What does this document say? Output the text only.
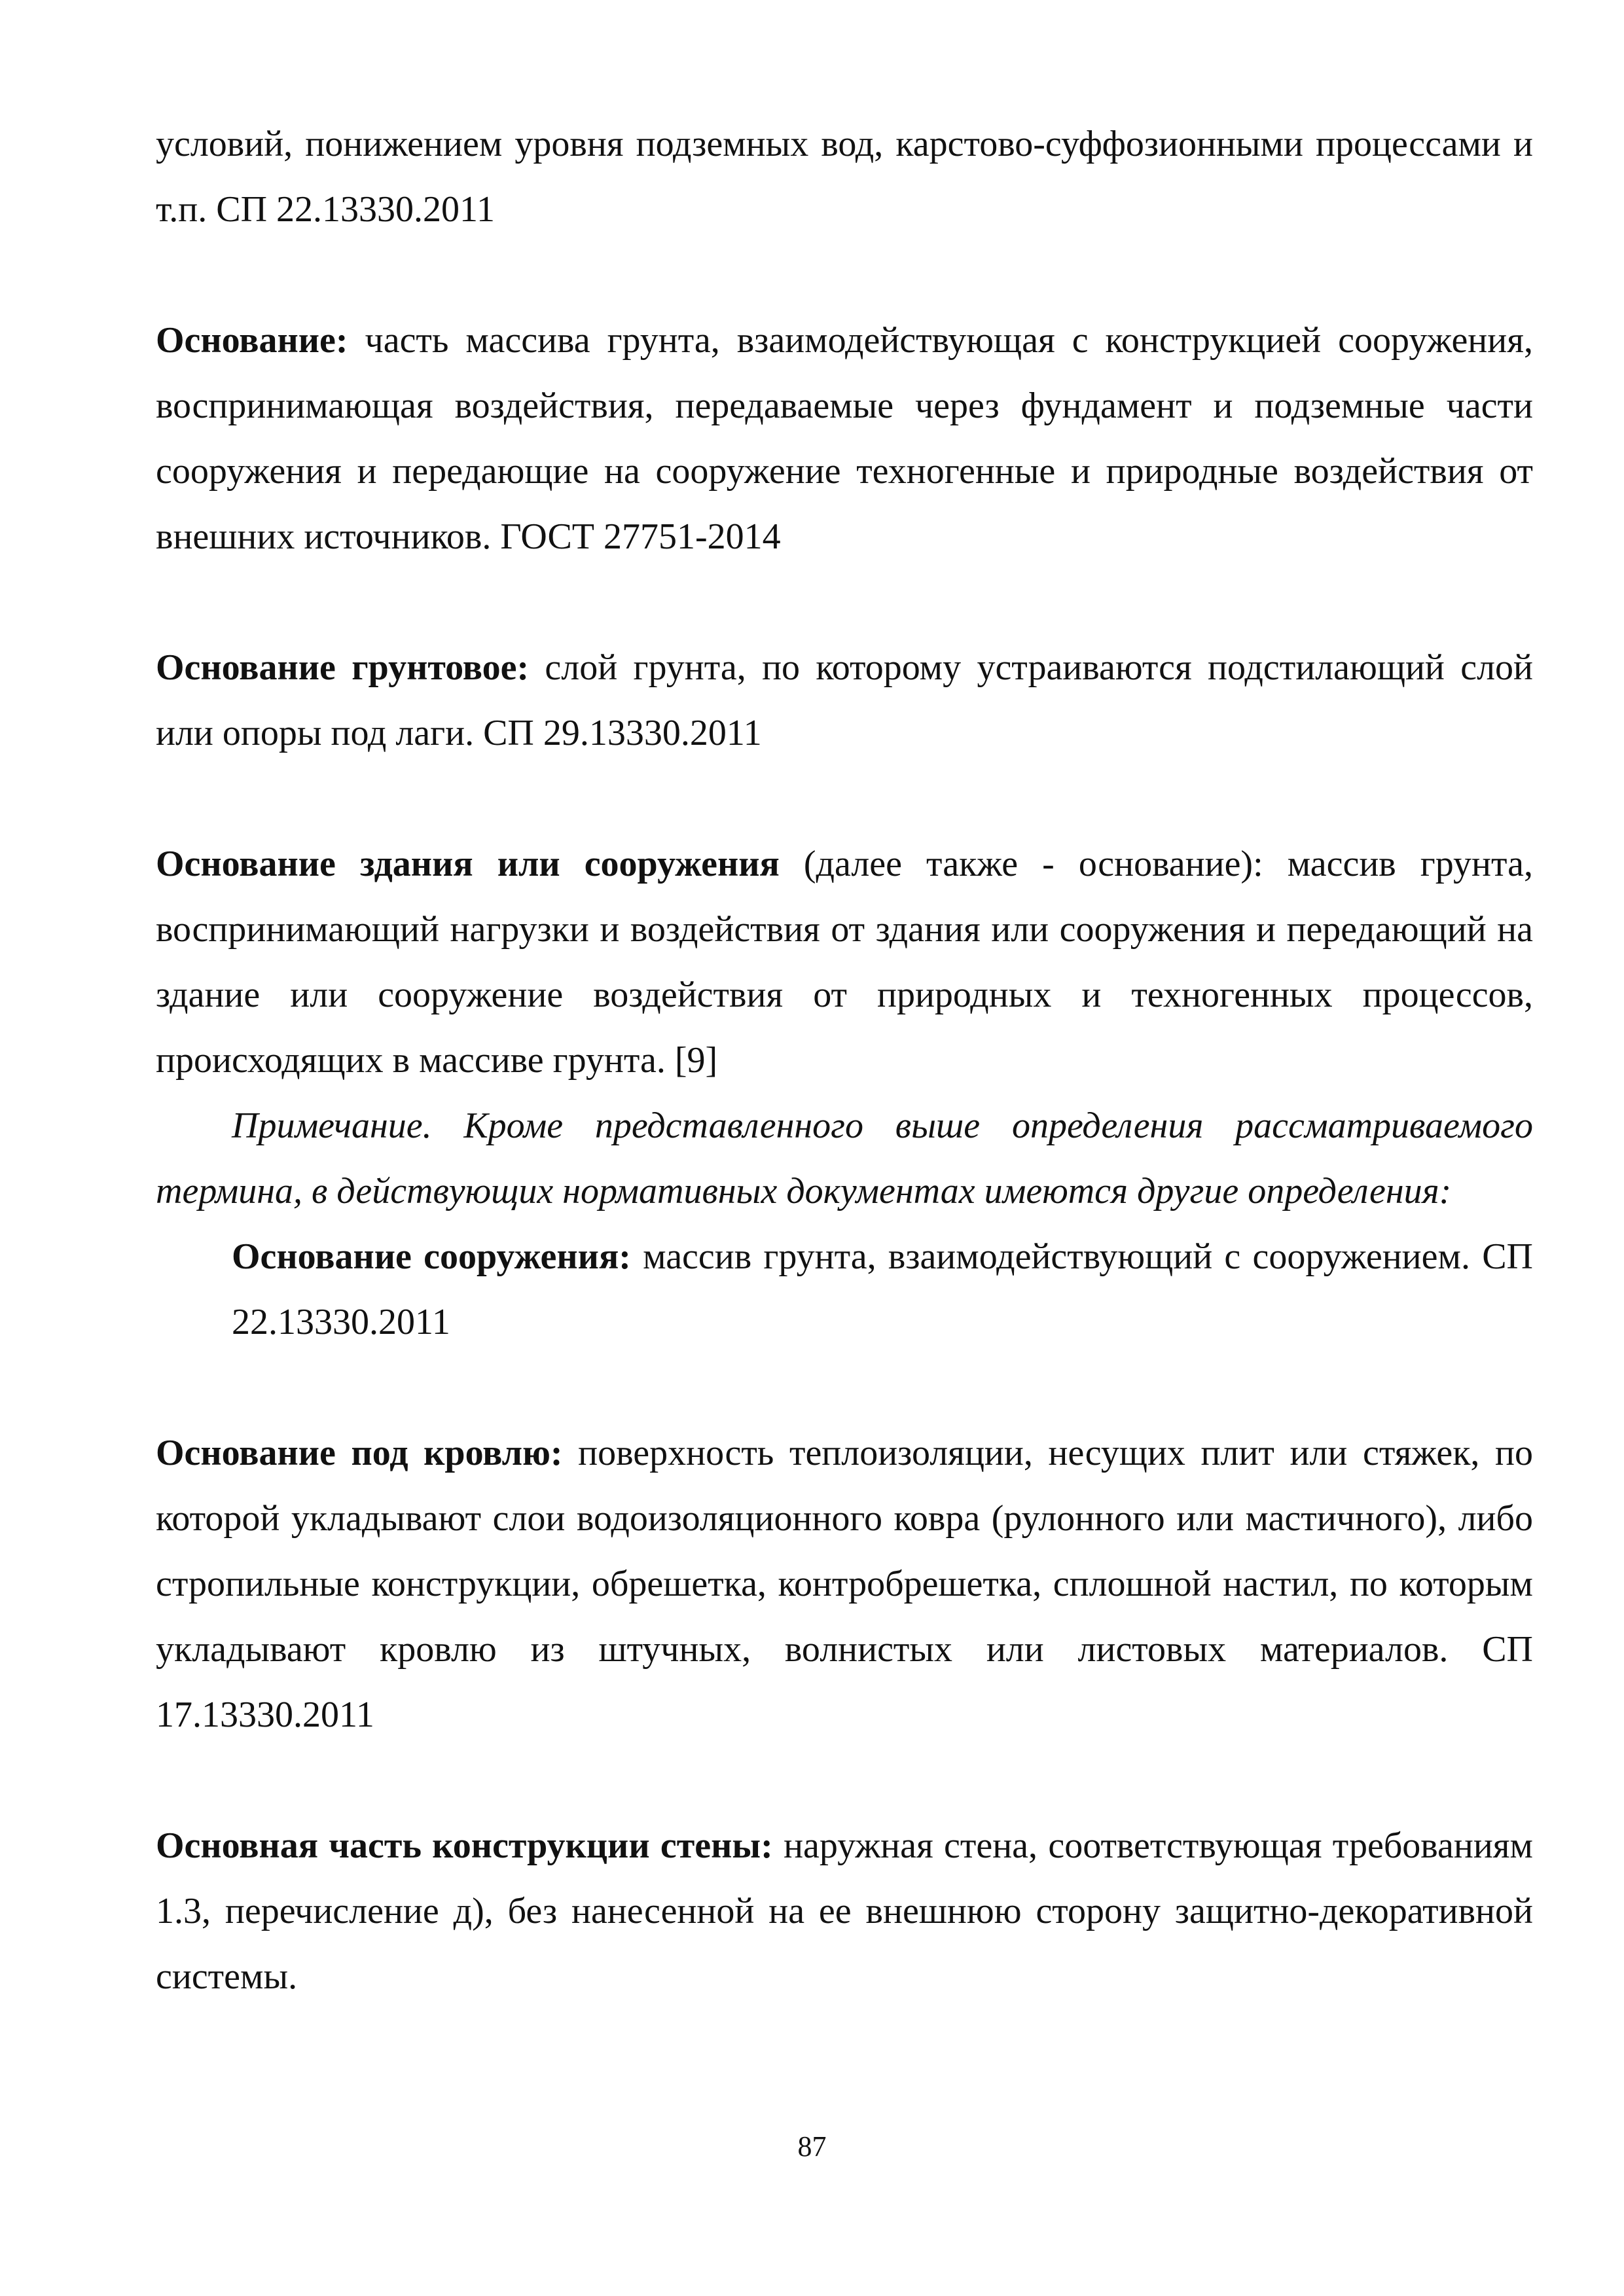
условий, понижением уровня подземных вод, карстово-суффозионными процессами и т.п. СП 22.13330.2011

Основание: часть массива грунта, взаимодействующая с конструкцией сооружения, воспринимающая воздействия, передаваемые через фундамент и подземные части сооружения и передающие на сооружение техногенные и природные воздействия от внешних источников. ГОСТ 27751-2014

Основание грунтовое: слой грунта, по которому устраиваются подстилающий слой или опоры под лаги. СП 29.13330.2011

Основание здания или сооружения (далее также - основание): массив грунта, воспринимающий нагрузки и воздействия от здания или сооружения и передающий на здание или сооружение воздействия от природных и техногенных процессов, происходящих в массиве грунта. [9]

Примечание. Кроме представленного выше определения рассматриваемого термина, в действующих нормативных документах имеются другие определения:

Основание сооружения: массив грунта, взаимодействующий с сооружением. СП 22.13330.2011

Основание под кровлю: поверхность теплоизоляции, несущих плит или стяжек, по которой укладывают слои водоизоляционного ковра (рулонного или мастичного), либо стропильные конструкции, обрешетка, контробрешетка, сплошной настил, по которым укладывают кровлю из штучных, волнистых или листовых материалов. СП 17.13330.2011

Основная часть конструкции стены: наружная стена, соответствующая требованиям 1.3, перечисление д), без нанесенной на ее внешнюю сторону защитно-декоративной системы.

87
